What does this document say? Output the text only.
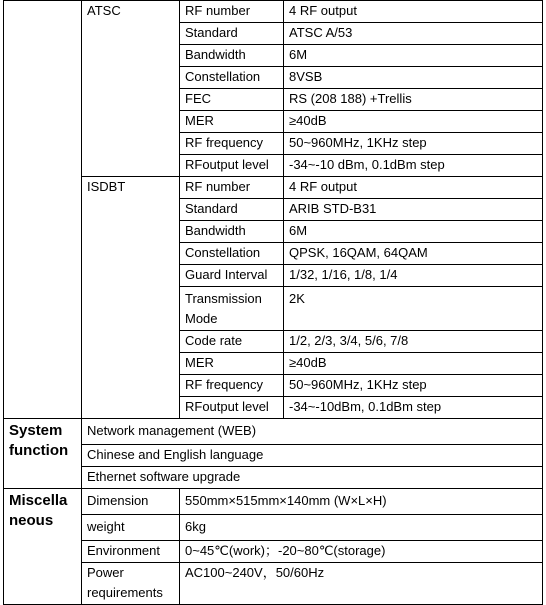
	ATSC	RF number	4 RF output
		Standard	ATSC A/53
		Bandwidth	6M
		Constellation	8VSB
		FEC	RS (208 188) +Trellis
		MER	≥40dB
		RF frequency	50~960MHz, 1KHz step
		RFoutput level	-34~-10 dBm, 0.1dBm step
	ISDBT	RF number	4 RF output
		Standard	ARIB STD-B31
		Bandwidth	6M
		Constellation	QPSK, 16QAM, 64QAM
		Guard Interval	1/32, 1/16, 1/8, 1/4
		Transmission Mode	2K
		Code rate	1/2, 2/3, 3/4, 5/6, 7/8
		MER	≥40dB
		RF frequency	50~960MHz, 1KHz step
		RFoutput level	-34~-10dBm, 0.1dBm step
System function	Network management (WEB)		
	Chinese and English language		
	Ethernet software upgrade		
Miscella neous	Dimension	550mm×515mm×140mm (W×L×H)	
	weight	6kg	
	Environment	0~45℃(work)；-20~80℃(storage)	
	Power requirements	AC100~240V，50/60Hz	
